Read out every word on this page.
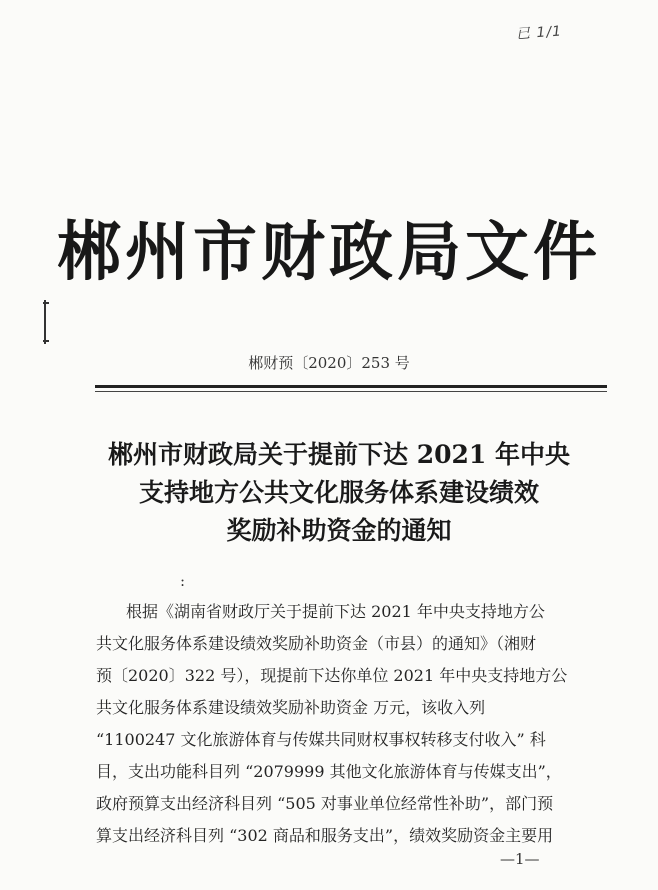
已 1/1
郴州市财政局文件
郴财预〔2020〕253 号
郴州市财政局关于提前下达 2021 年中央
支持地方公共文化服务体系建设绩效
奖励补助资金的通知
:
根据《湖南省财政厅关于提前下达 2021 年中央支持地方公
共文化服务体系建设绩效奖励补助资金（市县）的通知》（湘财
预〔2020〕322 号），现提前下达你单位 2021 年中央支持地方公
共文化服务体系建设绩效奖励补助资金 万元，该收入列
“1100247 文化旅游体育与传媒共同财权事权转移支付收入” 科
目，支出功能科目列 “2079999 其他文化旅游体育与传媒支出”，
政府预算支出经济科目列 “505 对事业单位经常性补助”，部门预
算支出经济科目列 “302 商品和服务支出”，绩效奖励资金主要用
—1—
